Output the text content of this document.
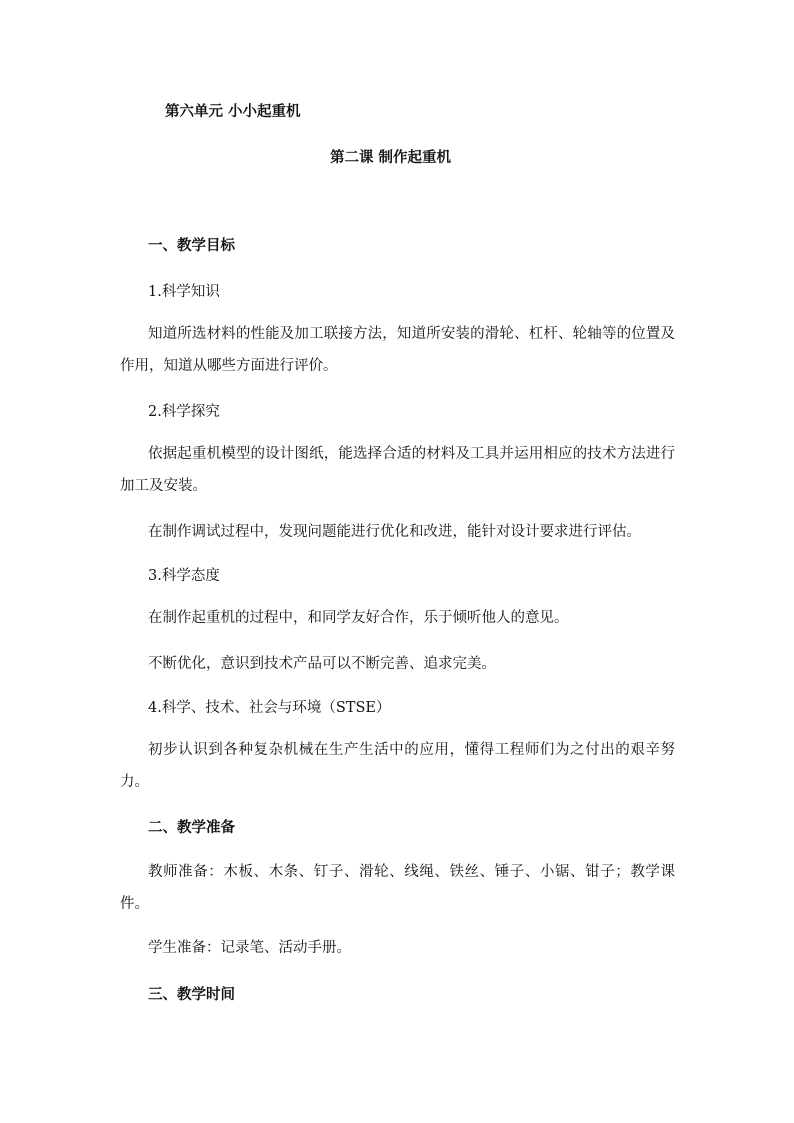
第六单元 小小起重机
第二课 制作起重机
一、教学目标
1.科学知识
知道所选材料的性能及加工联接方法，知道所安装的滑轮、杠杆、轮轴等的位置及作用，知道从哪些方面进行评价。
2.科学探究
依据起重机模型的设计图纸，能选择合适的材料及工具并运用相应的技术方法进行加工及安装。
在制作调试过程中，发现问题能进行优化和改进，能针对设计要求进行评估。
3.科学态度
在制作起重机的过程中，和同学友好合作，乐于倾听他人的意见。
不断优化，意识到技术产品可以不断完善、追求完美。
4.科学、技术、社会与环境（STSE）
初步认识到各种复杂机械在生产生活中的应用，懂得工程师们为之付出的艰辛努力。
二、教学准备
教师准备：木板、木条、钉子、滑轮、线绳、铁丝、锤子、小锯、钳子；教学课件。
学生准备：记录笔、活动手册。
三、教学时间
